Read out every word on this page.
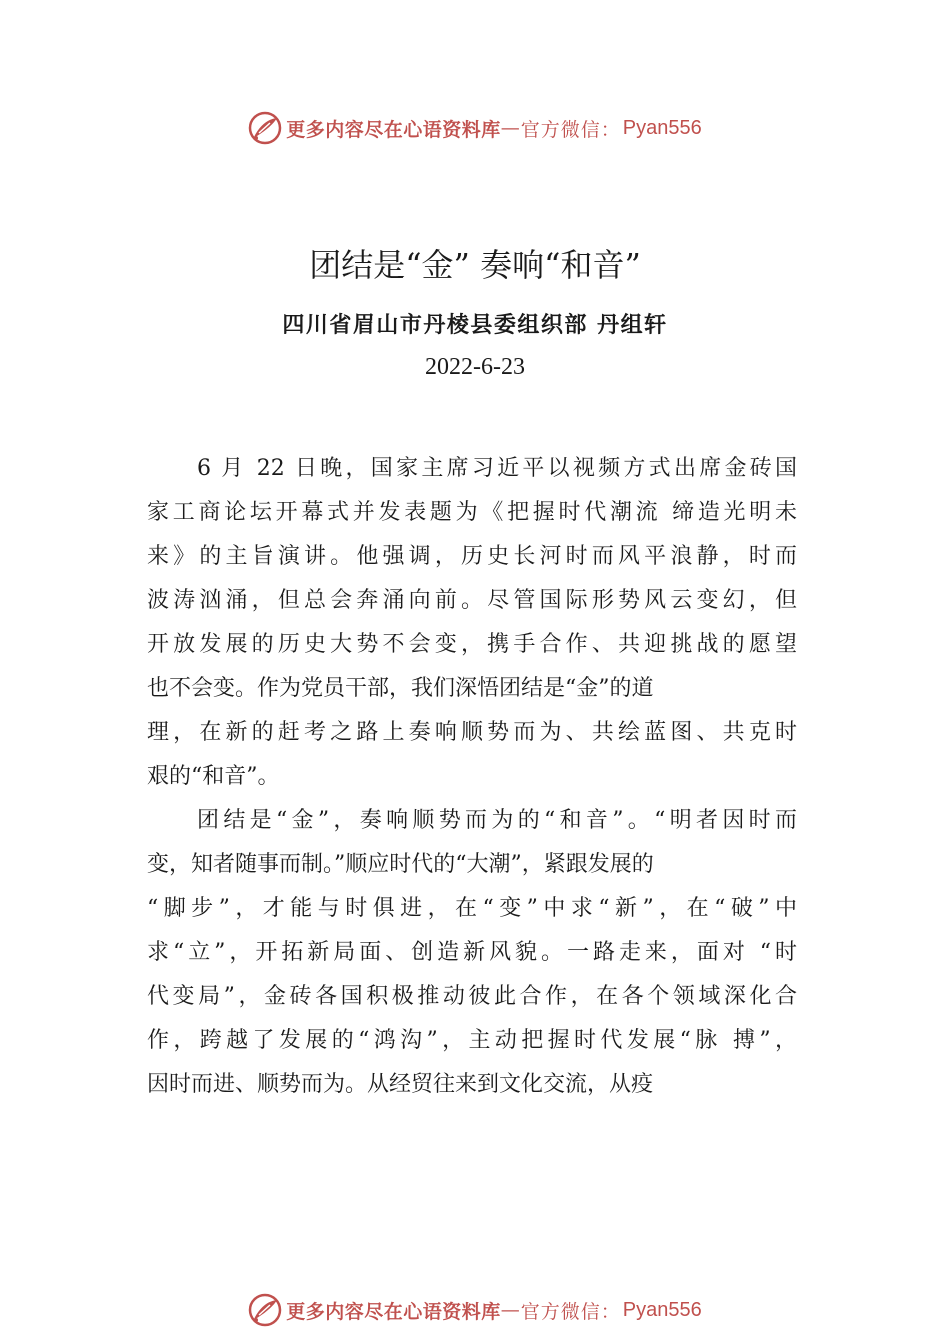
更多内容尽在心语资料库 — 官方微信： Pyan556
团结是“金” 奏响“和音”
四川省眉山市丹棱县委组织部 丹组轩
2022-6-23
6 月 22 日晚，国家主席习近平以视频方式出席金砖国
家工商论坛开幕式并发表题为《把握时代潮流 缔造光明未
来》的主旨演讲。他强调，历史长河时而风平浪静，时而
波涛汹涌，但总会奔涌向前。尽管国际形势风云变幻，但
开放发展的历史大势不会变，携手合作、共迎挑战的愿望
也不会变。作为党员干部，我们深悟团结是“金”的道
理，在新的赶考之路上奏响顺势而为、共绘蓝图、共克时
艰的“和音”。
团结是“金”，奏响顺势而为的“和音”。“明者因时而
变，知者随事而制。”顺应时代的“大潮”，紧跟发展的
“脚步”，才能与时俱进，在“变”中求“新”，在“破”中
求“立”，开拓新局面、创造新风貌。一路走来，面对 “时
代变局”，金砖各国积极推动彼此合作，在各个领域深化合
作，跨越了发展的“鸿沟”，主动把握时代发展“脉 搏”，
因时而进、顺势而为。从经贸往来到文化交流，从疫
更多内容尽在心语资料库 — 官方微信： Pyan556
